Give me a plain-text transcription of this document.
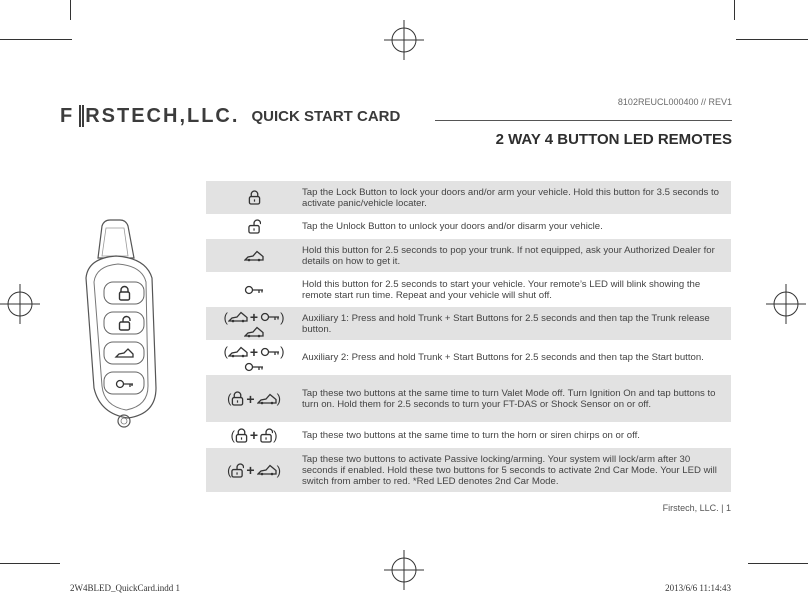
F RSTECH,LLC. QUICK START CARD
8102REUCL000400 // REV1
2 WAY 4 BUTTON LED REMOTES
Tap the Lock Button to lock your doors and/or arm your vehicle. Hold this button for 3.5 seconds to activate panic/vehicle locater.
Tap the Unlock Button to unlock your doors and/or disarm your vehicle.
Hold this button for 2.5 seconds to pop your trunk. If not equipped, ask your Authorized Dealer for details on how to get it.
Hold this button for 2.5 seconds to start your vehicle. Your remote’s LED will blink showing the remote start run time. Repeat and your vehicle will shut off.
( + ) Auxiliary 1: Press and hold Trunk + Start Buttons for 2.5 seconds and then tap the Trunk release button.
( + ) Auxiliary 2: Press and hold Trunk + Start Buttons for 2.5 seconds and then tap the Start button.
( + ) Tap these two buttons at the same time to turn Valet Mode off. Turn Ignition On and tap buttons to turn on. Hold them for 2.5 seconds to turn your FT-DAS or Shock Sensor on or off.
( + )	Tap these two buttons at the same time to turn the horn or siren chirps on or off.
( + )
Tap these two buttons to activate Passive locking/arming. Your system will lock/arm after 30 seconds if enabled. Hold these two buttons for 5 seconds to activate 2nd Car Mode. Your LED will switch from amber to red. *Red LED denotes 2nd Car Mode.
Firstech, LLC. | 1
2W4BLED_QuickCard.indd 1	2013/6/6 11:14:43
